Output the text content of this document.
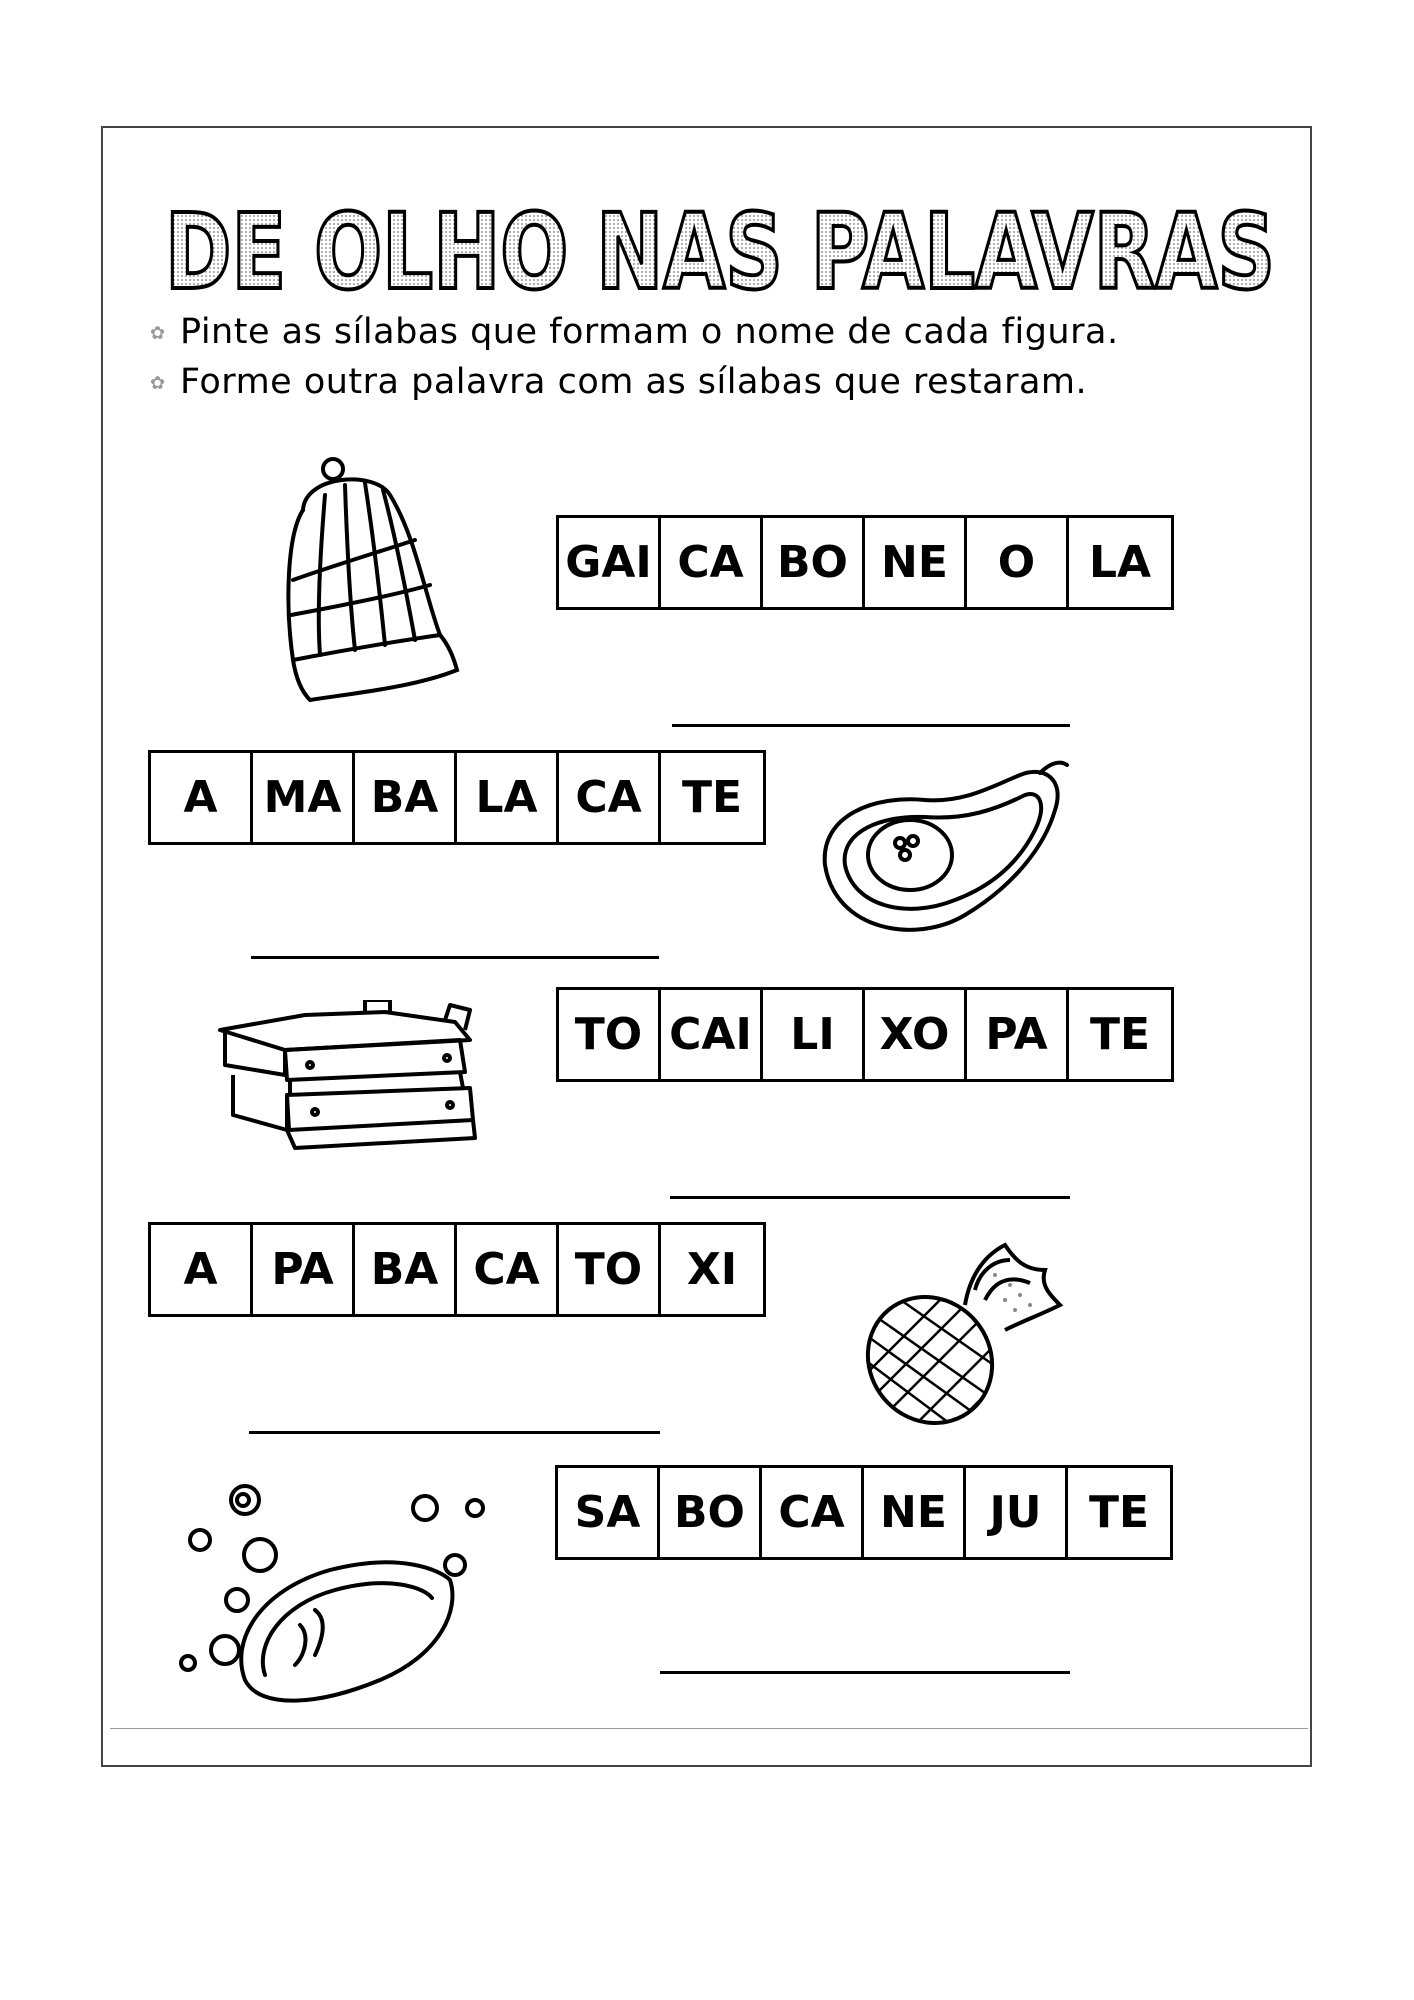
DE OLHO NAS PALAVRAS
✿ Pinte as sílabas que formam o nome de cada figura.
✿ Forme outra palavra com as sílabas que restaram.
GAI CA BO NE	O	LA
A	MA BA LA CA TE
TO CAI LI	XO PA TE
A	PA BA CA TO	XI
SA BO CA NE JU	TE
